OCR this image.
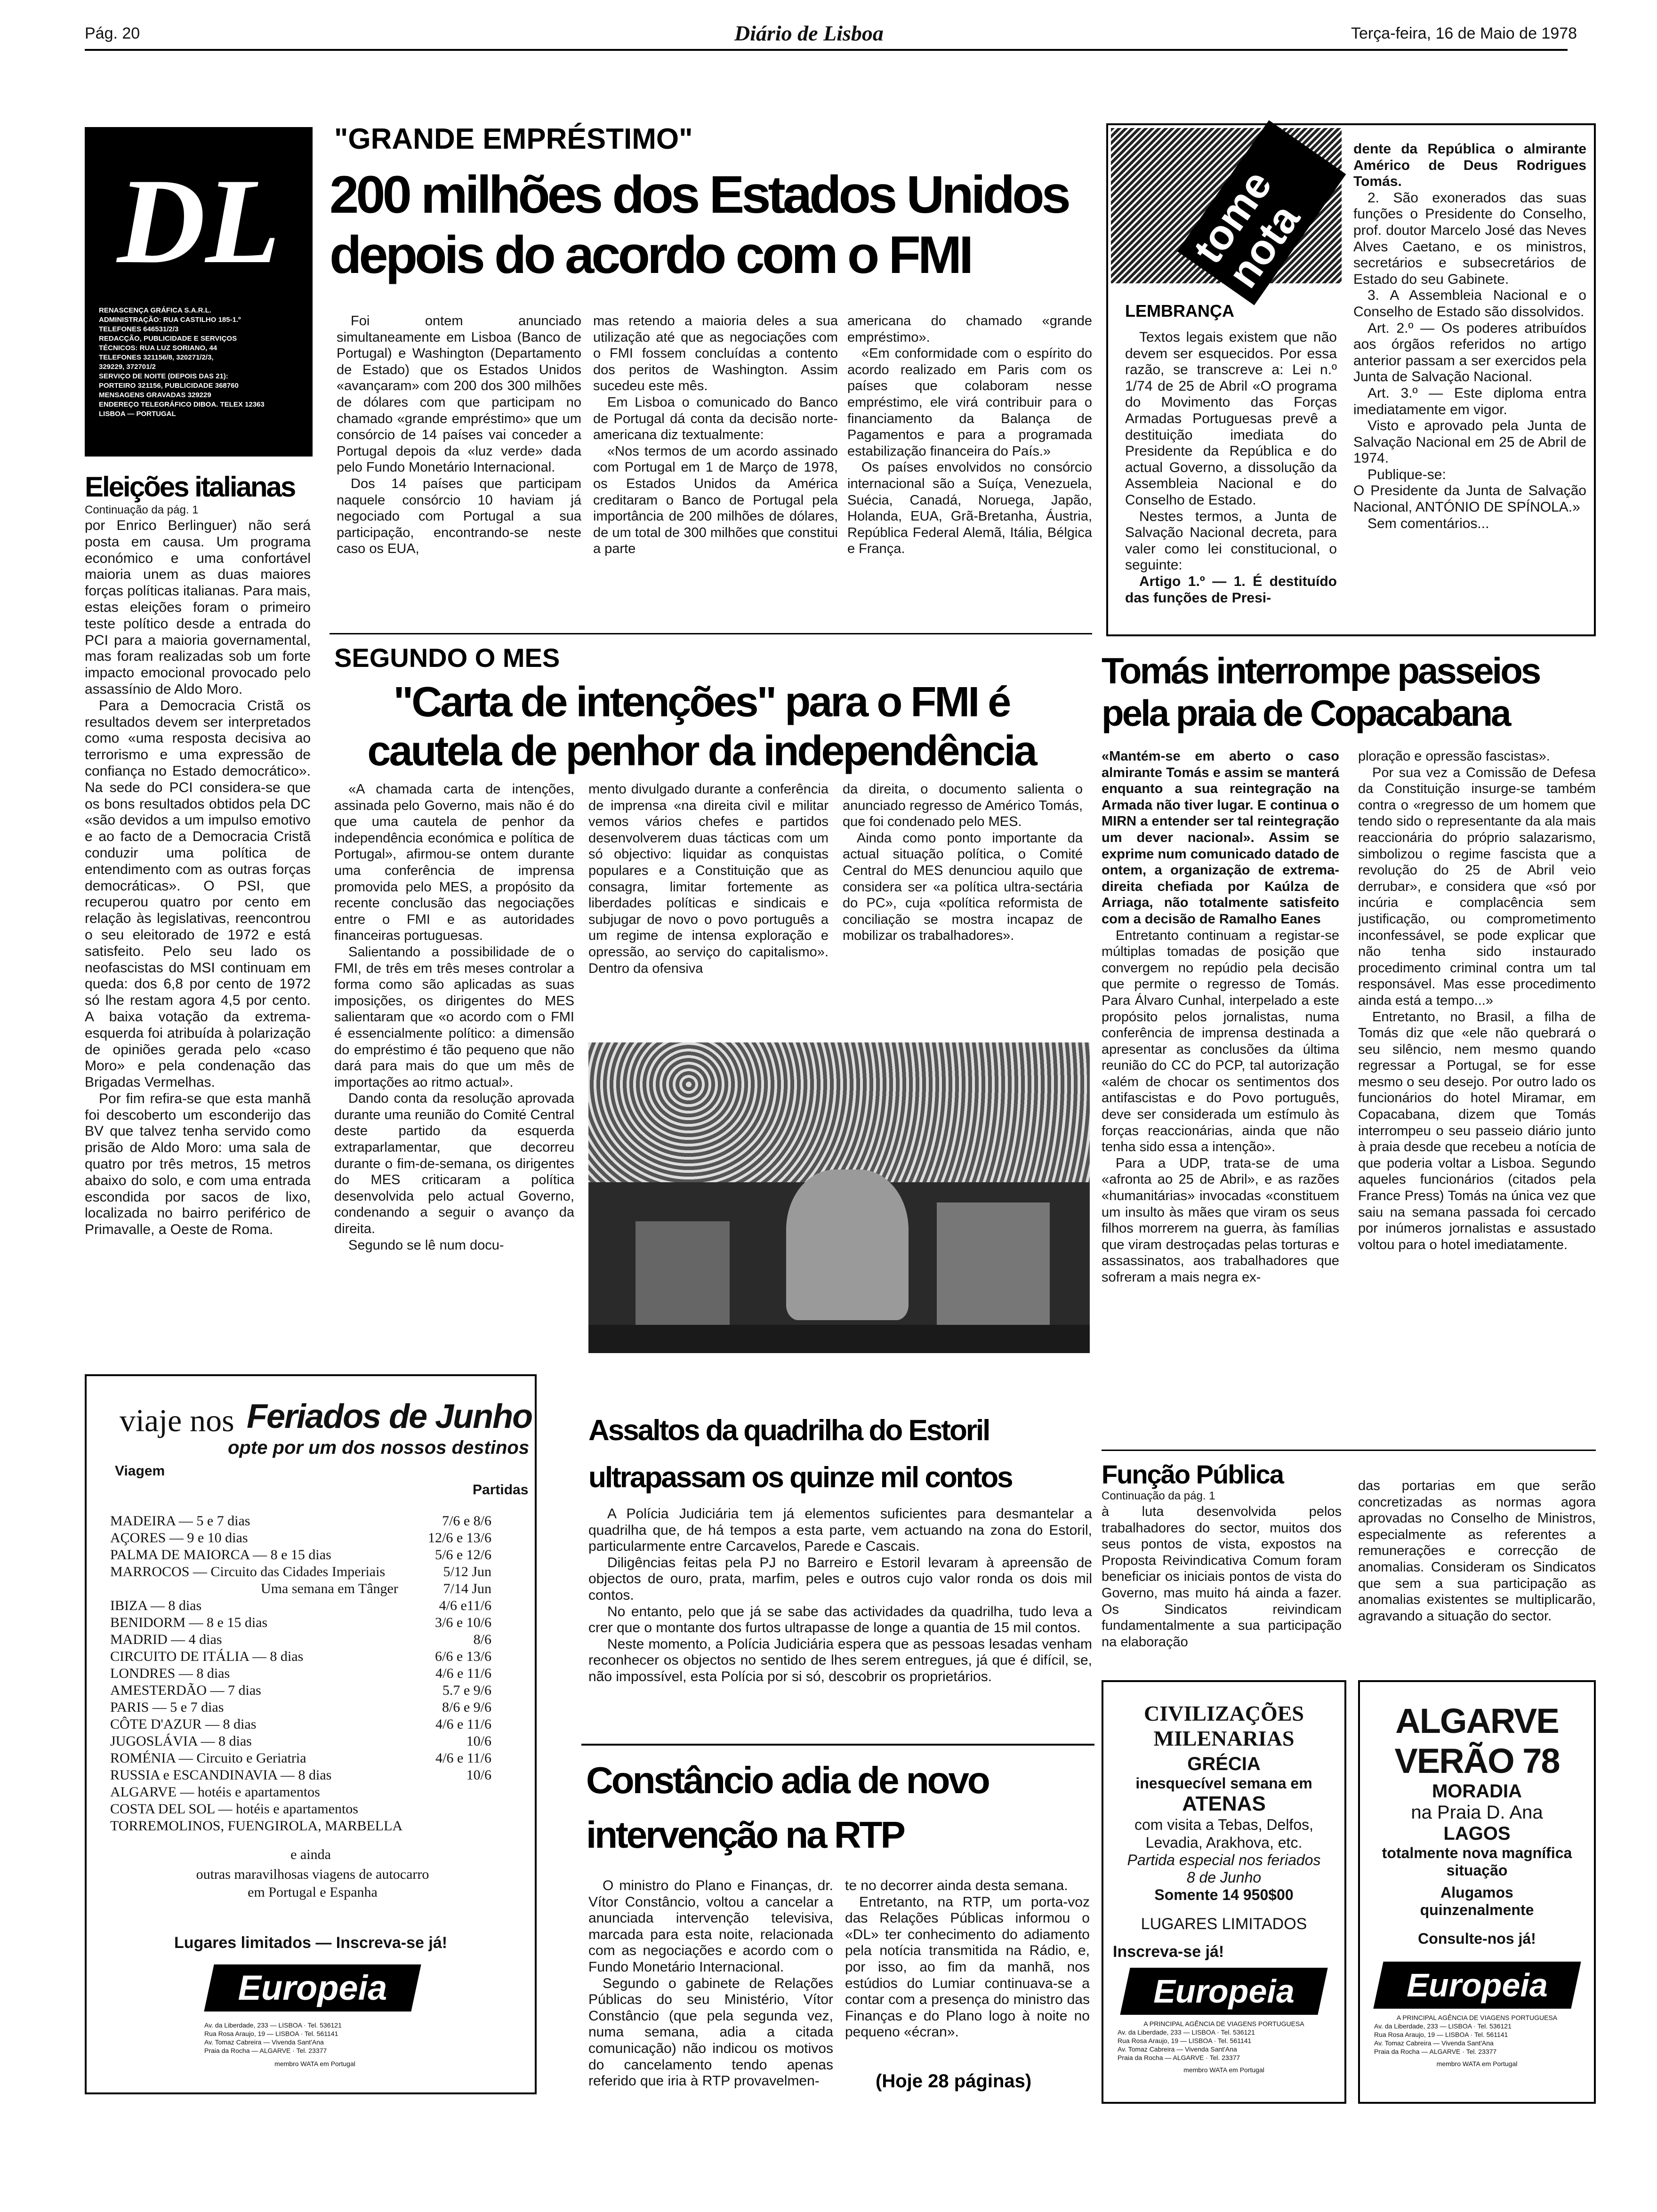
Pág. 20	Diário de Lisboa	Terça-feira, 16 de Maio de 1978
DL
RENASCENÇA GRÁFICA S.A.R.L.
ADMINISTRAÇÃO: RUA CASTILHO 185-1.º
TELEFONES 646531/2/3
REDACÇÃO, PUBLICIDADE E SERVIÇOS
TÉCNICOS: RUA LUZ SORIANO, 44
TELEFONES 321156/8, 320271/2/3,
329229, 372701/2
SERVIÇO DE NOITE (DEPOIS DAS 21):
PORTEIRO 321156, PUBLICIDADE 368760
MENSAGENS GRAVADAS 329229
ENDEREÇO TELEGRÁFICO DIBOA. TELEX 12363
LISBOA — PORTUGAL
Eleições italianas
Continuação da pág. 1

por Enrico Berlinguer) não será posta em causa. Um programa económico e uma confortável maioria unem as duas maiores forças políticas italianas. Para mais, estas eleições foram o primeiro teste político desde a entrada do PCI para a maioria governamental, mas foram realizadas sob um forte impacto emocional provocado pelo assassínio de Aldo Moro.

Para a Democracia Cristã os resultados devem ser interpretados como «uma resposta decisiva ao terrorismo e uma expressão de confiança no Estado democrático». Na sede do PCI considera-se que os bons resultados obtidos pela DC «são devidos a um impulso emotivo e ao facto de a Democracia Cristã conduzir uma política de entendimento com as outras forças democráticas». O PSI, que recuperou quatro por cento em relação às legislativas, reencontrou o seu eleitorado de 1972 e está satisfeito. Pelo seu lado os neofascistas do MSI continuam em queda: dos 6,8 por cento de 1972 só lhe restam agora 4,5 por cento. A baixa votação da extrema-esquerda foi atribuída à polarização de opiniões gerada pelo «caso Moro» e pela condenação das Brigadas Vermelhas.

Por fim refira-se que esta manhã foi descoberto um esconderijo das BV que talvez tenha servido como prisão de Aldo Moro: uma sala de quatro por três metros, 15 metros abaixo do solo, e com uma entrada escondida por sacos de lixo, localizada no bairro periférico de Primavalle, a Oeste de Roma.

"GRANDE EMPRÉSTIMO"
200 milhões dos Estados Unidos depois do acordo com o FMI

Foi ontem anunciado simultaneamente em Lisboa (Banco de Portugal) e Washington (Departamento de Estado) que os Estados Unidos «avançaram» com 200 dos 300 milhões de dólares com que participam no chamado «grande empréstimo» que um consórcio de 14 países vai conceder a Portugal depois da «luz verde» dada pelo Fundo Monetário Internacional.

Dos 14 países que participam naquele consórcio 10 haviam já negociado com Portugal a sua participação, encontrando-se neste caso os EUA,

mas retendo a maioria deles a sua utilização até que as negociações com o FMI fossem concluídas a contento dos peritos de Washington. Assim sucedeu este mês.

Em Lisboa o comunicado do Banco de Portugal dá conta da decisão norte-americana diz textualmente:

«Nos termos de um acordo assinado com Portugal em 1 de Março de 1978, os Estados Unidos da América creditaram o Banco de Portugal pela importância de 200 milhões de dólares, de um total de 300 milhões que constitui a parte

americana do chamado «grande empréstimo».

«Em conformidade com o espírito do acordo realizado em Paris com os países que colaboram nesse empréstimo, ele virá contribuir para o financiamento da Balança de Pagamentos e para a programada estabilização financeira do País.»

Os países envolvidos no consórcio internacional são a Suíça, Venezuela, Suécia, Canadá, Noruega, Japão, Holanda, EUA, Grã-Bretanha, Áustria, República Federal Alemã, Itália, Bélgica e França.

tome nota
LEMBRANÇA

Textos legais existem que não devem ser esquecidos. Por essa razão, se transcreve a: Lei n.º 1/74 de 25 de Abril «O programa do Movimento das Forças Armadas Portuguesas prevê a destituição imediata do Presidente da República e do actual Governo, a dissolução da Assembleia Nacional e do Conselho de Estado.

Nestes termos, a Junta de Salvação Nacional decreta, para valer como lei constitucional, o seguinte:

Artigo 1.º — 1. É destituído das funções de Presi-

dente da República o almirante Américo de Deus Rodrigues Tomás.

2. São exonerados das suas funções o Presidente do Conselho, prof. doutor Marcelo José das Neves Alves Caetano, e os ministros, secretários e subsecretários de Estado do seu Gabinete.

3. A Assembleia Nacional e o Conselho de Estado são dissolvidos.

Art. 2.º — Os poderes atribuídos aos órgãos referidos no artigo anterior passam a ser exercidos pela Junta de Salvação Nacional.

Art. 3.º — Este diploma entra imediatamente em vigor.

Visto e aprovado pela Junta de Salvação Nacional em 25 de Abril de 1974.

Publique-se:

O Presidente da Junta de Salvação Nacional, ANTÓNIO DE SPÍNOLA.»

Sem comentários...

SEGUNDO O MES
"Carta de intenções" para o FMI é cautela de penhor da independência

«A chamada carta de intenções, assinada pelo Governo, mais não é do que uma cautela de penhor da independência económica e política de Portugal», afirmou-se ontem durante uma conferência de imprensa promovida pelo MES, a propósito da recente conclusão das negociações entre o FMI e as autoridades financeiras portuguesas.

Salientando a possibilidade de o FMI, de três em três meses controlar a forma como são aplicadas as suas imposições, os dirigentes do MES salientaram que «o acordo com o FMI é essencialmente político: a dimensão do empréstimo é tão pequeno que não dará para mais do que um mês de importações ao ritmo actual».

Dando conta da resolução aprovada durante uma reunião do Comité Central deste partido da esquerda extraparlamentar, que decorreu durante o fim-de-semana, os dirigentes do MES criticaram a política desenvolvida pelo actual Governo, condenando a seguir o avanço da direita.

Segundo se lê num docu-

mento divulgado durante a conferência de imprensa «na direita civil e militar vemos vários chefes e partidos desenvolverem duas tácticas com um só objectivo: liquidar as conquistas populares e a Constituição que as consagra, limitar fortemente as liberdades políticas e sindicais e subjugar de novo o povo português a um regime de intensa exploração e opressão, ao serviço do capitalismo». Dentro da ofensiva

da direita, o documento salienta o anunciado regresso de Américo Tomás, que foi condenado pelo MES.

Ainda como ponto importante da actual situação política, o Comité Central do MES denunciou aquilo que considera ser «a política ultra-sectária do PC», cuja «política reformista de conciliação se mostra incapaz de mobilizar os trabalhadores».

Tomás interrompe passeios pela praia de Copacabana

«Mantém-se em aberto o caso almirante Tomás e assim se manterá enquanto a sua reintegração na Armada não tiver lugar. E continua o MIRN a entender ser tal reintegração um dever nacional». Assim se exprime num comunicado datado de ontem, a organização de extrema-direita chefiada por Kaúlza de Arriaga, não totalmente satisfeito com a decisão de Ramalho Eanes

Entretanto continuam a registar-se múltiplas tomadas de posição que convergem no repúdio pela decisão que permite o regresso de Tomás. Para Álvaro Cunhal, interpelado a este propósito pelos jornalistas, numa conferência de imprensa destinada a apresentar as conclusões da última reunião do CC do PCP, tal autorização «além de chocar os sentimentos dos antifascistas e do Povo português, deve ser considerada um estímulo às forças reaccionárias, ainda que não tenha sido essa a intenção».

Para a UDP, trata-se de uma «afronta ao 25 de Abril», e as razões «humanitárias» invocadas «constituem um insulto às mães que viram os seus filhos morrerem na guerra, às famílias que viram destroçadas pelas torturas e assassinatos, aos trabalhadores que sofreram a mais negra ex-

ploração e opressão fascistas».

Por sua vez a Comissão de Defesa da Constituição insurge-se também contra o «regresso de um homem que tendo sido o representante da ala mais reaccionária do próprio salazarismo, simbolizou o regime fascista que a revolução do 25 de Abril veio derrubar», e considera que «só por incúria e complacência sem justificação, ou comprometimento inconfessável, se pode explicar que não tenha sido instaurado procedimento criminal contra um tal responsável. Mas esse procedimento ainda está a tempo...»

Entretanto, no Brasil, a filha de Tomás diz que «ele não quebrará o seu silêncio, nem mesmo quando regressar a Portugal, se for esse mesmo o seu desejo. Por outro lado os funcionários do hotel Miramar, em Copacabana, dizem que Tomás interrompeu o seu passeio diário junto à praia desde que recebeu a notícia de que poderia voltar a Lisboa. Segundo aqueles funcionários (citados pela France Press) Tomás na única vez que saiu na semana passada foi cercado por inúmeros jornalistas e assustado voltou para o hotel imediatamente.

viaje nos Feriados de Junho
opte por um dos nossos destinos
Viagem
Partidas
MADEIRA — 5 e 7 dias	7/6 e 8/6
AÇORES — 9 e 10 dias	12/6 e 13/6
PALMA DE MAIORCA — 8 e 15 dias	5/6 e 12/6
MARROCOS — Circuito das Cidades Imperiais	5/12 Jun
Uma semana em Tânger	7/14 Jun
IBIZA — 8 dias	4/6 e11/6
BENIDORM — 8 e 15 dias	3/6 e 10/6
MADRID — 4 dias	8/6
CIRCUITO DE ITÁLIA — 8 dias	6/6 e 13/6
LONDRES — 8 dias	4/6 e 11/6
AMESTERDÃO — 7 dias	5.7 e 9/6
PARIS — 5 e 7 dias	8/6 e 9/6
CÔTE D'AZUR — 8 dias	4/6 e 11/6
JUGOSLÁVIA — 8 dias	10/6
ROMÉNIA — Circuito e Geriatria	4/6 e 11/6
RUSSIA e ESCANDINAVIA — 8 dias	10/6
ALGARVE — hotéis e apartamentos
COSTA DEL SOL — hotéis e apartamentos
TORREMOLINOS, FUENGIROLA, MARBELLA
e ainda
outras maravilhosas viagens de autocarro em Portugal e Espanha
Lugares limitados — Inscreva-se já!
Europeia
Av. da Liberdade, 233 — LISBOA · Tel. 536121
Rua Rosa Araujo, 19 — LISBOA · Tel. 561141
Av. Tomaz Cabreira — Vivenda Sant'Ana
Praia da Rocha — ALGARVE · Tel. 23377
membro WATA em Portugal
Assaltos da quadrilha do Estoril ultrapassam os quinze mil contos

A Polícia Judiciária tem já elementos suficientes para desmantelar a quadrilha que, de há tempos a esta parte, vem actuando na zona do Estoril, particularmente entre Carcavelos, Parede e Cascais.

Diligências feitas pela PJ no Barreiro e Estoril levaram à apreensão de objectos de ouro, prata, marfim, peles e outros cujo valor ronda os dois mil contos.

No entanto, pelo que já se sabe das actividades da quadrilha, tudo leva a crer que o montante dos furtos ultrapasse de longe a quantia de 15 mil contos.

Neste momento, a Polícia Judiciária espera que as pessoas lesadas venham reconhecer os objectos no sentido de lhes serem entregues, já que é difícil, se, não impossível, esta Polícia por si só, descobrir os proprietários.

Constâncio adia de novo intervenção na RTP

O ministro do Plano e Finanças, dr. Vítor Constâncio, voltou a cancelar a anunciada intervenção televisiva, marcada para esta noite, relacionada com as negociações e acordo com o Fundo Monetário Internacional.

Segundo o gabinete de Relações Públicas do seu Ministério, Vítor Constâncio (que pela segunda vez, numa semana, adia a citada comunicação) não indicou os motivos do cancelamento tendo apenas referido que iria à RTP provavelmen-

te no decorrer ainda desta semana.

Entretanto, na RTP, um porta-voz das Relações Públicas informou o «DL» ter conhecimento do adiamento pela notícia transmitida na Rádio, e, por isso, ao fim da manhã, nos estúdios do Lumiar continuava-se a contar com a presença do ministro das Finanças e do Plano logo à noite no pequeno «écran».

(Hoje 28 páginas)
Função Pública
Continuação da pág. 1

à luta desenvolvida pelos trabalhadores do sector, muitos dos seus pontos de vista, expostos na Proposta Reivindicativa Comum foram beneficiar os iniciais pontos de vista do Governo, mas muito há ainda a fazer. Os Sindicatos reivindicam fundamentalmente a sua participação na elaboração

das portarias em que serão concretizadas as normas agora aprovadas no Conselho de Ministros, especialmente as referentes a remunerações e correcção de anomalias. Consideram os Sindicatos que sem a sua participação as anomalias existentes se multiplicarão, agravando a situação do sector.

CIVILIZAÇÕES
MILENARIAS
GRÉCIA
inesquecível semana em
ATENAS
com visita a Tebas, Delfos, Levadia, Arakhova, etc.
Partida especial nos feriados
8 de Junho
Somente 14 950$00
LUGARES LIMITADOS
Inscreva-se já!
Europeia
A PRINCIPAL AGÊNCIA DE VIAGENS PORTUGUESA
Av. da Liberdade, 233 — LISBOA · Tel. 536121
Rua Rosa Araujo, 19 — LISBOA · Tel. 561141
Av. Tomaz Cabreira — Vivenda Sant'Ana
Praia da Rocha — ALGARVE · Tel. 23377
membro WATA em Portugal
ALGARVE
VERÃO 78
MORADIA
na Praia D. Ana
LAGOS
totalmente nova magnífica situação
Alugamos quinzenalmente
Consulte-nos já!
Europeia
A PRINCIPAL AGÊNCIA DE VIAGENS PORTUGUESA
Av. da Liberdade, 233 — LISBOA · Tel. 536121
Rua Rosa Araujo, 19 — LISBOA · Tel. 561141
Av. Tomaz Cabreira — Vivenda Sant'Ana
Praia da Rocha — ALGARVE · Tel. 23377
membro WATA em Portugal
